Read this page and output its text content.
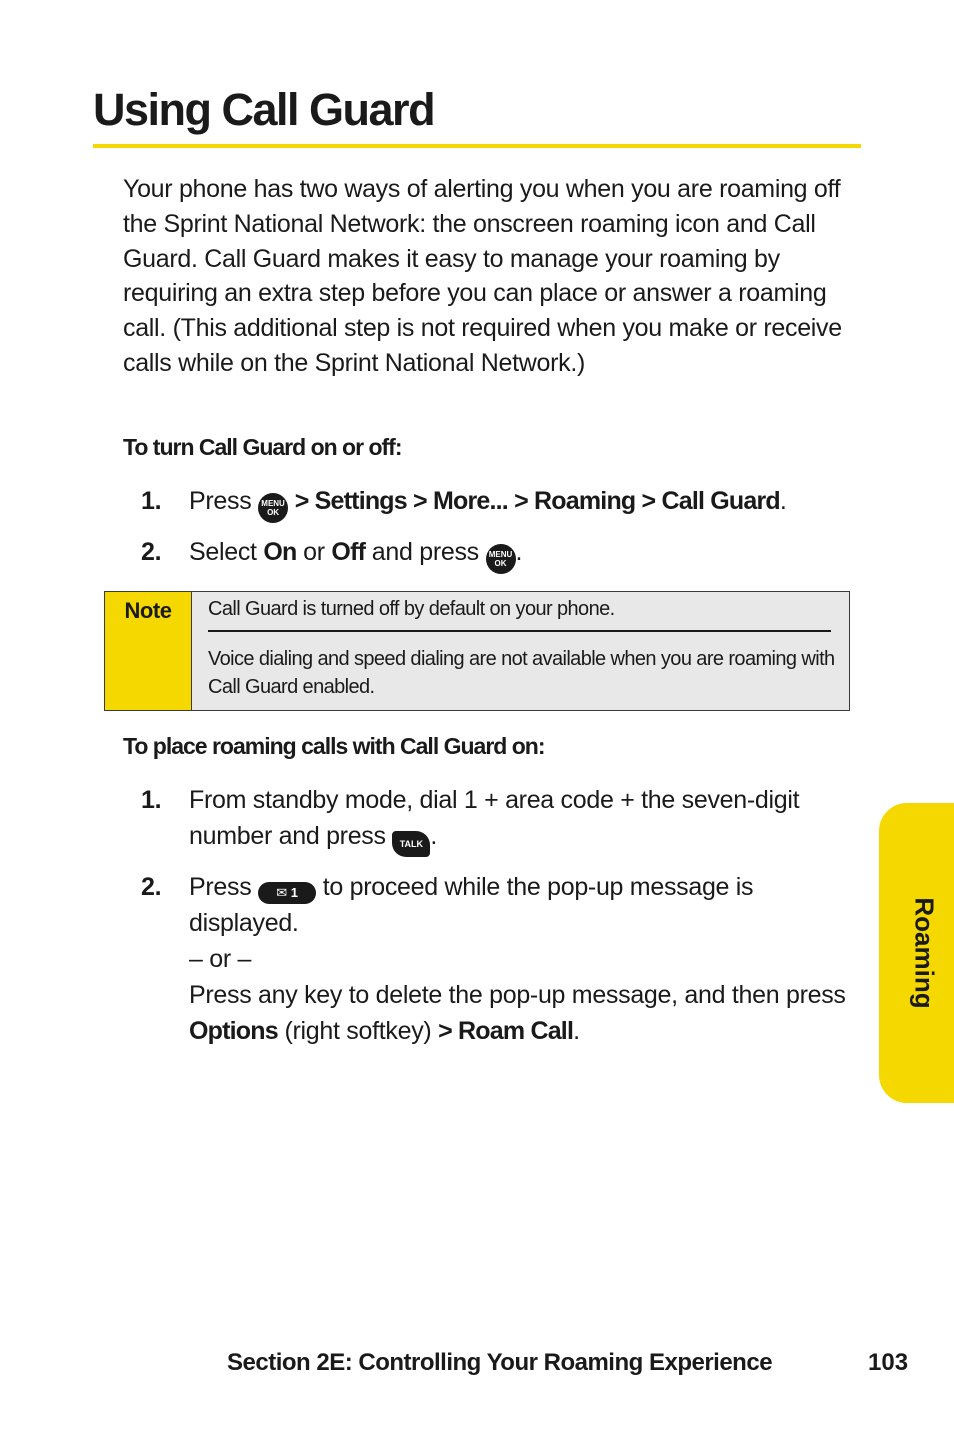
Using Call Guard

Your phone has two ways of alerting you when you are roaming off the Sprint National Network: the onscreen roaming icon and Call Guard. Call Guard makes it easy to manage your roaming by requiring an extra step before you can place or answer a roaming call. (This additional step is not required when you make or receive calls while on the Sprint National Network.)

To turn Call Guard on or off:

1. Press MENU
OK > Settings > More... > Roaming > Call Guard.
2. Select On or Off and press MENU
OK .
Note	Call Guard is turned off by default on your phone.
Voice dialing and speed dialing are not available when you are roaming with Call Guard enabled.

To place roaming calls with Call Guard on:

1. From standby mode, dial 1 + area code + the seven-digit number and press TALK .
2. Press ✉ 1 to proceed while the pop-up message is displayed.
– or –
Press any key to delete the pop-up message, and then press Options (right softkey) > Roam Call.
Roaming
Section 2E: Controlling Your Roaming Experience	103
